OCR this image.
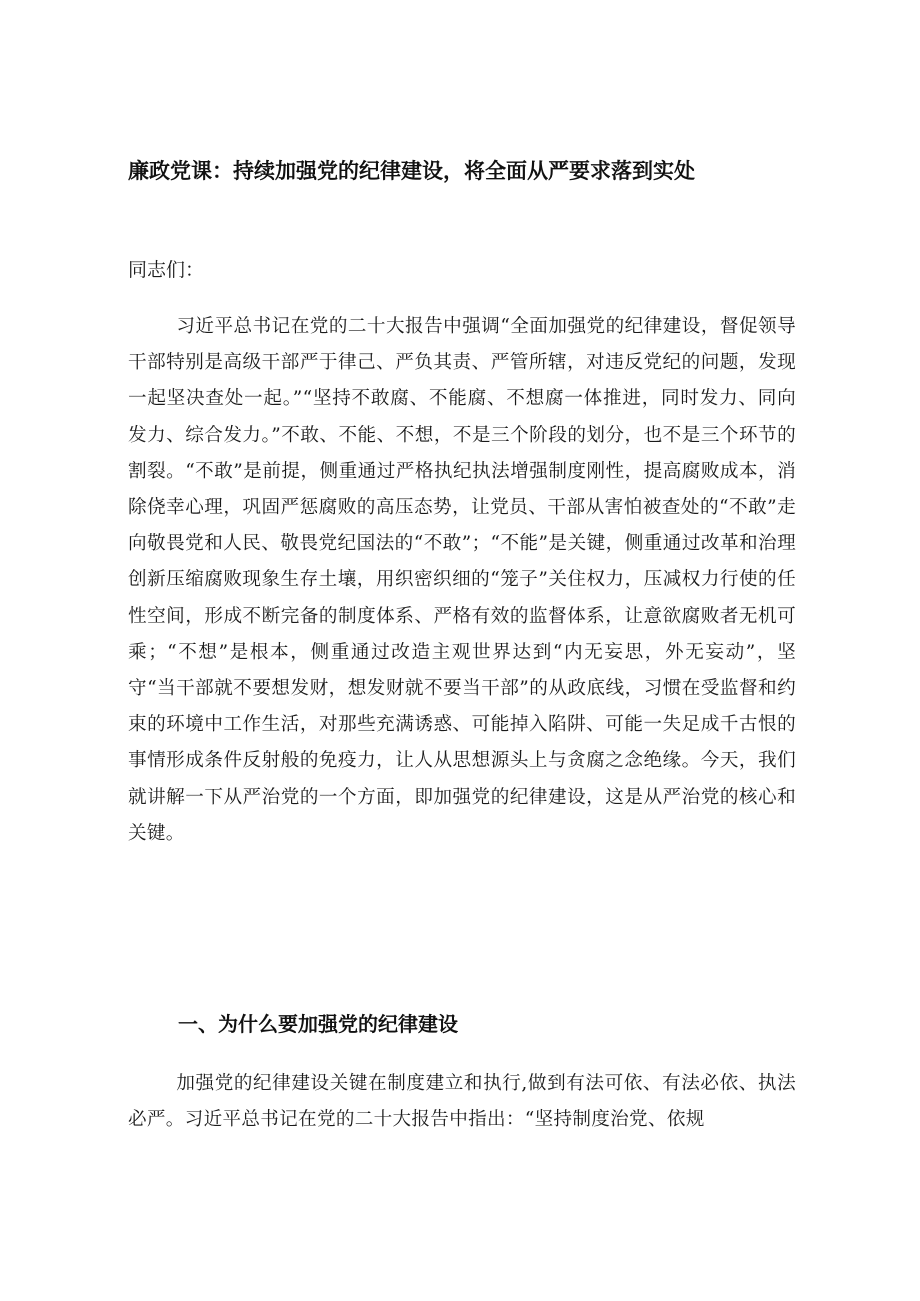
廉政党课：持续加强党的纪律建设，将全面从严要求落到实处

同志们：

习近平总书记在党的二十大报告中强调“全面加强党的纪律建设，督促领导干部特别是高级干部严于律己、严负其责、严管所辖，对违反党纪的问题，发现一起坚决查处一起。”“坚持不敢腐、不能腐、不想腐一体推进，同时发力、同向发力、综合发力。”不敢、不能、不想，不是三个阶段的划分，也不是三个环节的割裂。“不敢”是前提，侧重通过严格执纪执法增强制度刚性，提高腐败成本，消除侥幸心理，巩固严惩腐败的高压态势，让党员、干部从害怕被查处的“不敢”走向敬畏党和人民、敬畏党纪国法的“不敢”；“不能”是关键，侧重通过改革和治理创新压缩腐败现象生存土壤，用织密织细的“笼子”关住权力，压减权力行使的任性空间，形成不断完备的制度体系、严格有效的监督体系，让意欲腐败者无机可乘；“不想”是根本，侧重通过改造主观世界达到“内无妄思，外无妄动”，坚守“当干部就不要想发财，想发财就不要当干部”的从政底线，习惯在受监督和约束的环境中工作生活，对那些充满诱惑、可能掉入陷阱、可能一失足成千古恨的事情形成条件反射般的免疫力，让人从思想源头上与贪腐之念绝缘。今天，我们就讲解一下从严治党的一个方面，即加强党的纪律建设，这是从严治党的核心和关键。

一、为什么要加强党的纪律建设

加强党的纪律建设关键在制度建立和执行,做到有法可依、有法必依、执法必严。习近平总书记在党的二十大报告中指出：“坚持制度治党、依规
